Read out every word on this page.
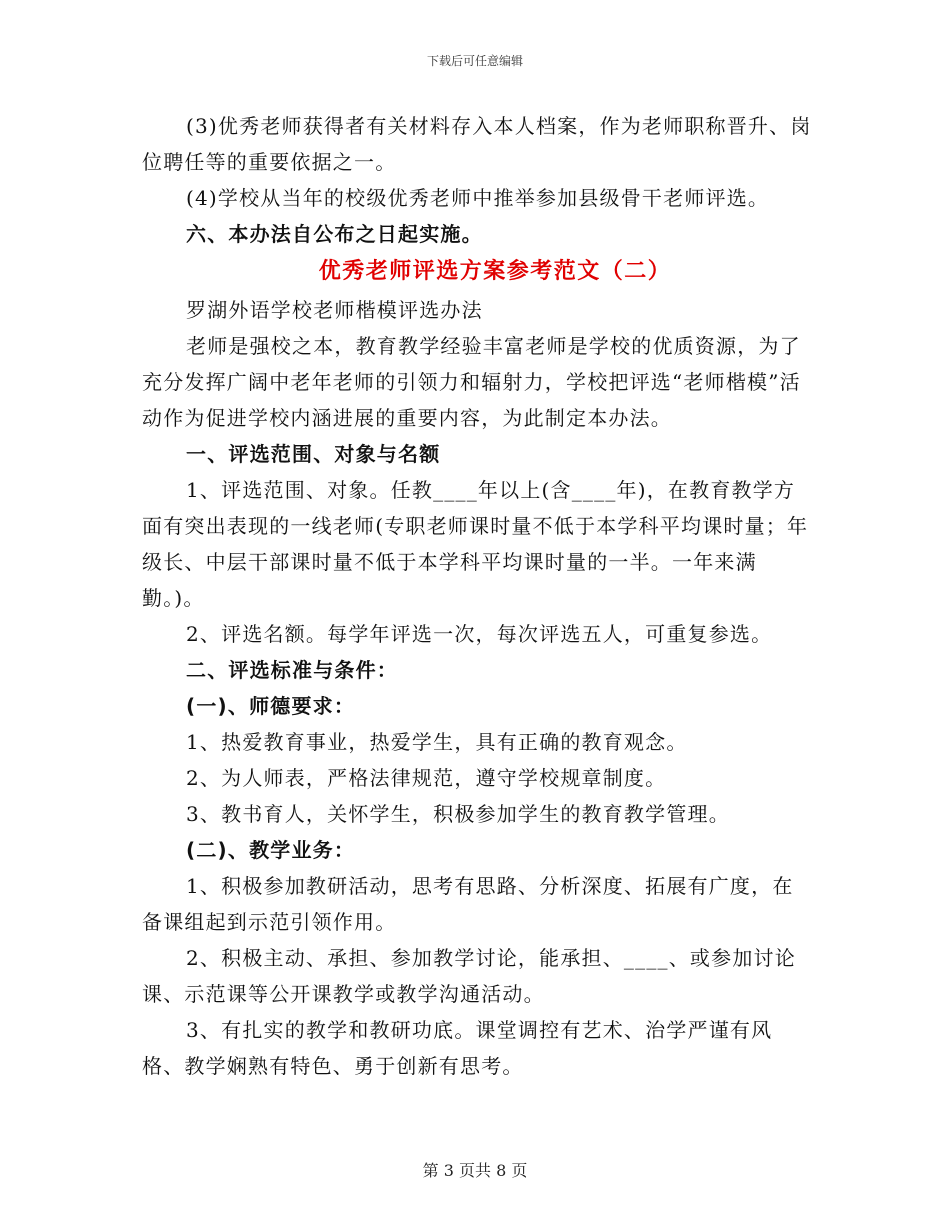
下载后可任意编辑

(3)优秀老师获得者有关材料存入本人档案，作为老师职称晋升、岗位聘任等的重要依据之一。

(4)学校从当年的校级优秀老师中推举参加县级骨干老师评选。

六、本办法自公布之日起实施。

优秀老师评选方案参考范文（二）

罗湖外语学校老师楷模评选办法

老师是强校之本，教育教学经验丰富老师是学校的优质资源，为了充分发挥广阔中老年老师的引领力和辐射力，学校把评选“老师楷模”活动作为促进学校内涵进展的重要内容，为此制定本办法。

一、评选范围、对象与名额

1、评选范围、对象。任教____年以上(含____年)，在教育教学方面有突出表现的一线老师(专职老师课时量不低于本学科平均课时量；年级长、中层干部课时量不低于本学科平均课时量的一半。一年来满勤。)。

2、评选名额。每学年评选一次，每次评选五人，可重复参选。

二、评选标准与条件：

(一)、师德要求：

1、热爱教育事业，热爱学生，具有正确的教育观念。

2、为人师表，严格法律规范，遵守学校规章制度。

3、教书育人，关怀学生，积极参加学生的教育教学管理。

(二)、教学业务：

1、积极参加教研活动，思考有思路、分析深度、拓展有广度，在备课组起到示范引领作用。

2、积极主动、承担、参加教学讨论，能承担、____、或参加讨论课、示范课等公开课教学或教学沟通活动。

3、有扎实的教学和教研功底。课堂调控有艺术、治学严谨有风格、教学娴熟有特色、勇于创新有思考。

第 3 页共 8 页
